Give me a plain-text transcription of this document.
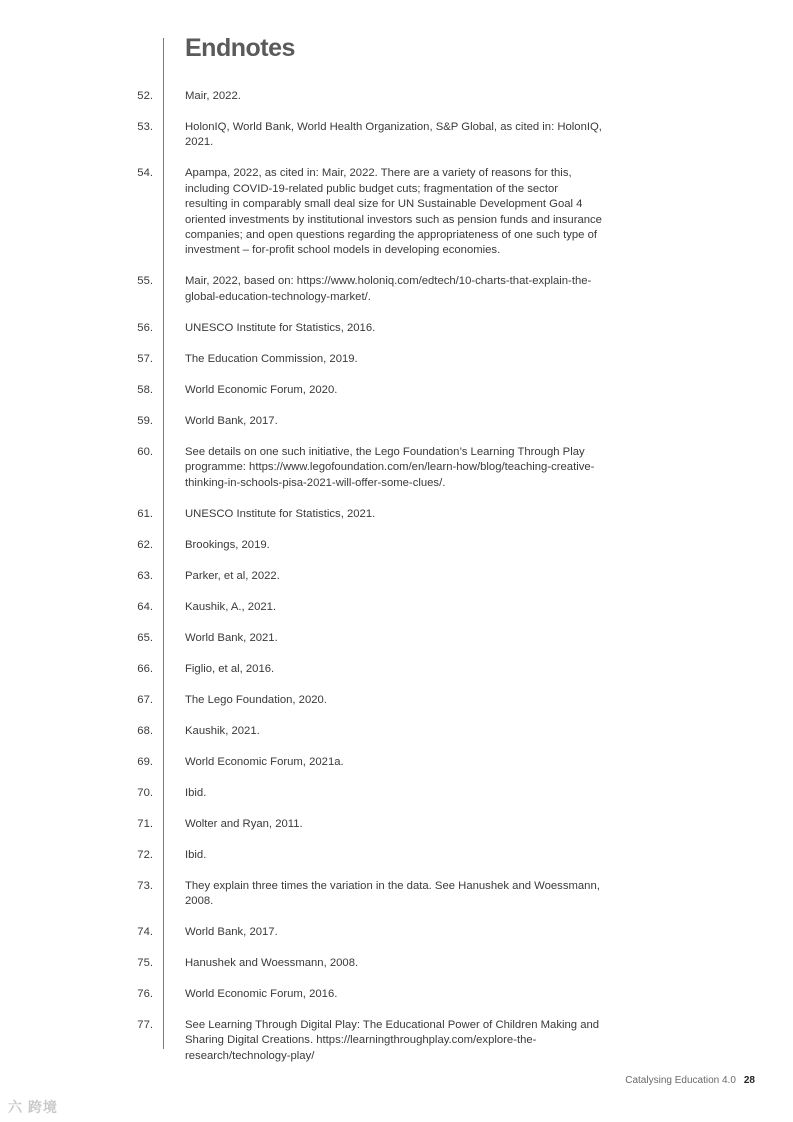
Endnotes
52.	Mair, 2022.
53.	HolonIQ, World Bank, World Health Organization, S&P Global, as cited in: HolonIQ, 2021.
54.	Apampa, 2022, as cited in: Mair, 2022. There are a variety of reasons for this, including COVID-19-related public budget cuts; fragmentation of the sector resulting in comparably small deal size for UN Sustainable Development Goal 4 oriented investments by institutional investors such as pension funds and insurance companies; and open questions regarding the appropriateness of one such type of investment – for-profit school models in developing economies.
55.	Mair, 2022, based on: https://www.holoniq.com/edtech/10-charts-that-explain-the-global-education-technology-market/.
56.	UNESCO Institute for Statistics, 2016.
57.	The Education Commission, 2019.
58.	World Economic Forum, 2020.
59.	World Bank, 2017.
60.	See details on one such initiative, the Lego Foundation’s Learning Through Play programme: https://www.legofoundation.com/en/learn-how/blog/teaching-creative-thinking-in-schools-pisa-2021-will-offer-some-clues/.
61.	UNESCO Institute for Statistics, 2021.
62.	Brookings, 2019.
63.	Parker, et al, 2022.
64.	Kaushik, A., 2021.
65.	World Bank, 2021.
66.	Figlio, et al, 2016.
67.	The Lego Foundation, 2020.
68.	Kaushik, 2021.
69.	World Economic Forum, 2021a.
70.	Ibid.
71.	Wolter and Ryan, 2011.
72.	Ibid.
73.	They explain three times the variation in the data. See Hanushek and Woessmann, 2008.
74.	World Bank, 2017.
75.	Hanushek and Woessmann, 2008.
76.	World Economic Forum, 2016.
77.	See Learning Through Digital Play: The Educational Power of Children Making and Sharing Digital Creations. https://learningthroughplay.com/explore-the-research/technology-play/
Catalysing Education 4.0 28
六 跨境
